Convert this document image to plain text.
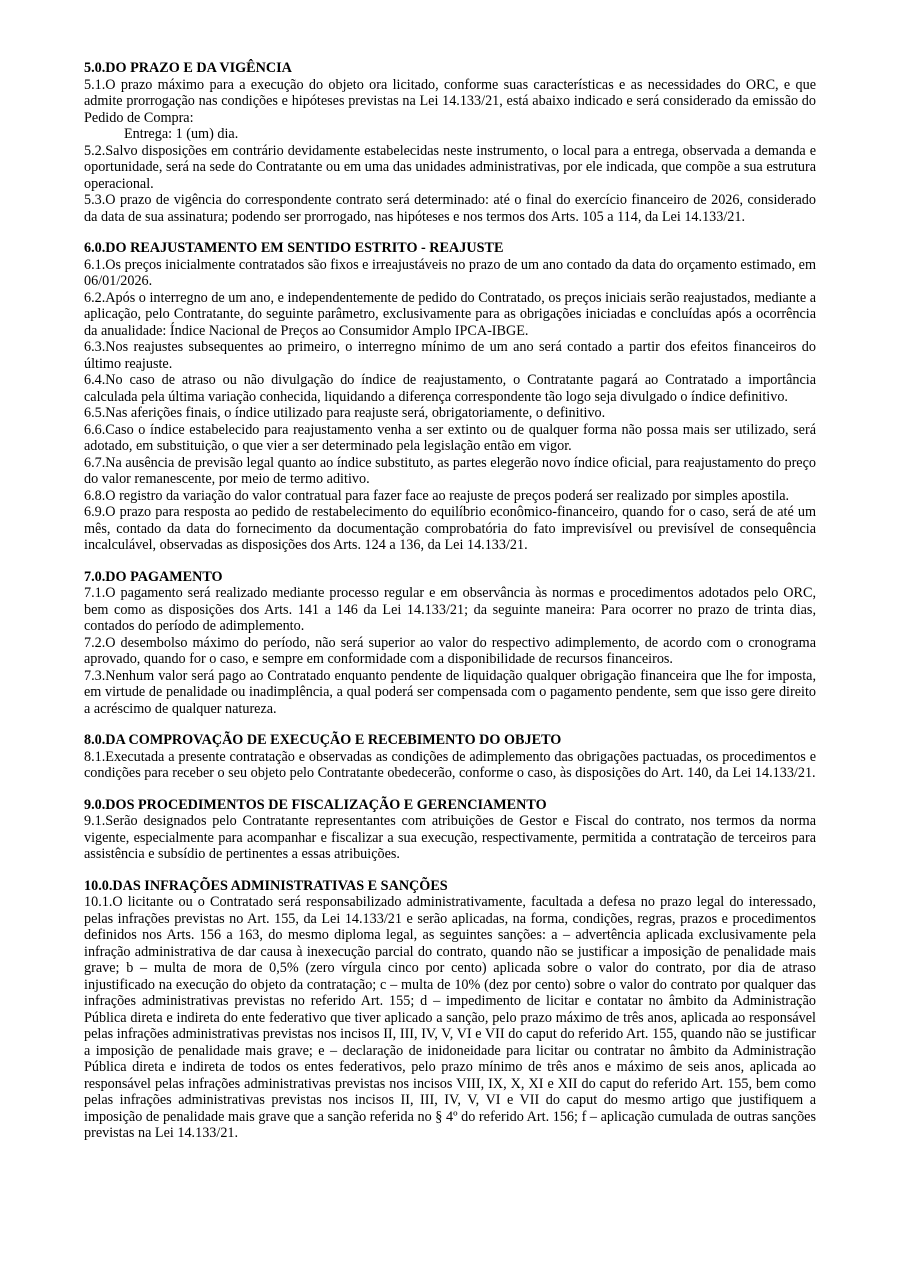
5.0.DO PRAZO E DA VIGÊNCIA

5.1.O prazo máximo para a execução do objeto ora licitado, conforme suas características e as necessidades do ORC, e que admite prorrogação nas condições e hipóteses previstas na Lei 14.133/21, está abaixo indicado e será considerado da emissão do Pedido de Compra:

Entrega: 1 (um) dia.

5.2.Salvo disposições em contrário devidamente estabelecidas neste instrumento, o local para a entrega, observada a demanda e oportunidade, será na sede do Contratante ou em uma das unidades administrativas, por ele indicada, que compõe a sua estrutura operacional.

5.3.O prazo de vigência do correspondente contrato será determinado: até o final do exercício financeiro de 2026, considerado da data de sua assinatura; podendo ser prorrogado, nas hipóteses e nos termos dos Arts. 105 a 114, da Lei 14.133/21.

6.0.DO REAJUSTAMENTO EM SENTIDO ESTRITO - REAJUSTE

6.1.Os preços inicialmente contratados são fixos e irreajustáveis no prazo de um ano contado da data do orçamento estimado, em 06/01/2026.

6.2.Após o interregno de um ano, e independentemente de pedido do Contratado, os preços iniciais serão reajustados, mediante a aplicação, pelo Contratante, do seguinte parâmetro, exclusivamente para as obrigações iniciadas e concluídas após a ocorrência da anualidade: Índice Nacional de Preços ao Consumidor Amplo IPCA-IBGE.

6.3.Nos reajustes subsequentes ao primeiro, o interregno mínimo de um ano será contado a partir dos efeitos financeiros do último reajuste.

6.4.No caso de atraso ou não divulgação do índice de reajustamento, o Contratante pagará ao Contratado a importância calculada pela última variação conhecida, liquidando a diferença correspondente tão logo seja divulgado o índice definitivo.

6.5.Nas aferições finais, o índice utilizado para reajuste será, obrigatoriamente, o definitivo.

6.6.Caso o índice estabelecido para reajustamento venha a ser extinto ou de qualquer forma não possa mais ser utilizado, será adotado, em substituição, o que vier a ser determinado pela legislação então em vigor.

6.7.Na ausência de previsão legal quanto ao índice substituto, as partes elegerão novo índice oficial, para reajustamento do preço do valor remanescente, por meio de termo aditivo.

6.8.O registro da variação do valor contratual para fazer face ao reajuste de preços poderá ser realizado por simples apostila.

6.9.O prazo para resposta ao pedido de restabelecimento do equilíbrio econômico-financeiro, quando for o caso, será de até um mês, contado da data do fornecimento da documentação comprobatória do fato imprevisível ou previsível de consequência incalculável, observadas as disposições dos Arts. 124 a 136, da Lei 14.133/21.

7.0.DO PAGAMENTO

7.1.O pagamento será realizado mediante processo regular e em observância às normas e procedimentos adotados pelo ORC, bem como as disposições dos Arts. 141 a 146 da Lei 14.133/21; da seguinte maneira: Para ocorrer no prazo de trinta dias, contados do período de adimplemento.

7.2.O desembolso máximo do período, não será superior ao valor do respectivo adimplemento, de acordo com o cronograma aprovado, quando for o caso, e sempre em conformidade com a disponibilidade de recursos financeiros.

7.3.Nenhum valor será pago ao Contratado enquanto pendente de liquidação qualquer obrigação financeira que lhe for imposta, em virtude de penalidade ou inadimplência, a qual poderá ser compensada com o pagamento pendente, sem que isso gere direito a acréscimo de qualquer natureza.

8.0.DA COMPROVAÇÃO DE EXECUÇÃO E RECEBIMENTO DO OBJETO

8.1.Executada a presente contratação e observadas as condições de adimplemento das obrigações pactuadas, os procedimentos e condições para receber o seu objeto pelo Contratante obedecerão, conforme o caso, às disposições do Art. 140, da Lei 14.133/21.

9.0.DOS PROCEDIMENTOS DE FISCALIZAÇÃO E GERENCIAMENTO

9.1.Serão designados pelo Contratante representantes com atribuições de Gestor e Fiscal do contrato, nos termos da norma vigente, especialmente para acompanhar e fiscalizar a sua execução, respectivamente, permitida a contratação de terceiros para assistência e subsídio de pertinentes a essas atribuições.

10.0.DAS INFRAÇÕES ADMINISTRATIVAS E SANÇÕES

10.1.O licitante ou o Contratado será responsabilizado administrativamente, facultada a defesa no prazo legal do interessado, pelas infrações previstas no Art. 155, da Lei 14.133/21 e serão aplicadas, na forma, condições, regras, prazos e procedimentos definidos nos Arts. 156 a 163, do mesmo diploma legal, as seguintes sanções: a – advertência aplicada exclusivamente pela infração administrativa de dar causa à inexecução parcial do contrato, quando não se justificar a imposição de penalidade mais grave; b – multa de mora de 0,5% (zero vírgula cinco por cento) aplicada sobre o valor do contrato, por dia de atraso injustificado na execução do objeto da contratação; c – multa de 10% (dez por cento) sobre o valor do contrato por qualquer das infrações administrativas previstas no referido Art. 155; d – impedimento de licitar e contatar no âmbito da Administração Pública direta e indireta do ente federativo que tiver aplicado a sanção, pelo prazo máximo de três anos, aplicada ao responsável pelas infrações administrativas previstas nos incisos II, III, IV, V, VI e VII do caput do referido Art. 155, quando não se justificar a imposição de penalidade mais grave; e – declaração de inidoneidade para licitar ou contratar no âmbito da Administração Pública direta e indireta de todos os entes federativos, pelo prazo mínimo de três anos e máximo de seis anos, aplicada ao responsável pelas infrações administrativas previstas nos incisos VIII, IX, X, XI e XII do caput do referido Art. 155, bem como pelas infrações administrativas previstas nos incisos II, III, IV, V, VI e VII do caput do mesmo artigo que justifiquem a imposição de penalidade mais grave que a sanção referida no § 4º do referido Art. 156; f – aplicação cumulada de outras sanções previstas na Lei 14.133/21.
